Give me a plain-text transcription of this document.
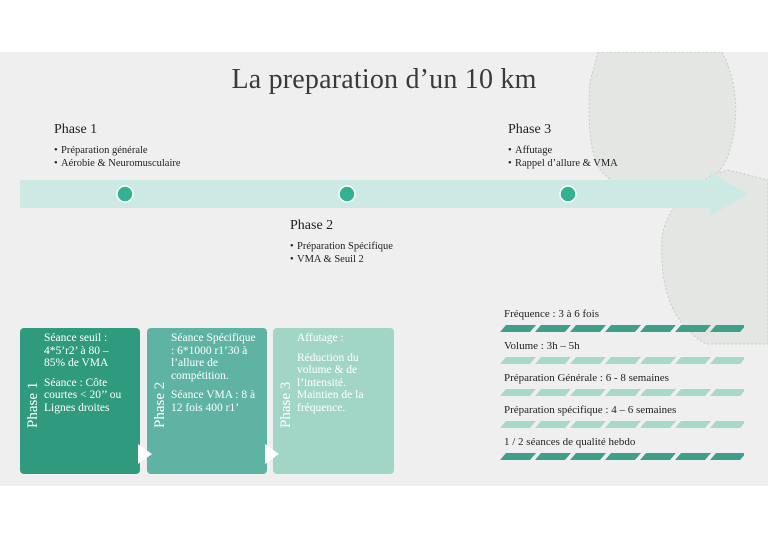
La preparation d’un 10 km
Phase 1
• Préparation générale
• Aérobie & Neuromusculaire
Phase 2
• Préparation Spécifique
• VMA & Seuil 2
Phase 3
• Affutage
• Rappel d’allure & VMA
Phase 1

Séance seuil : 4*5’r2’ à 80 – 85% de VMA

Séance : Côte courtes < 20’’ ou Lignes droites	Phase 2

Séance Spécifique : 6*1000 r1’30 à l’allure de compétition.

Séance VMA : 8 à 12 fois 400 r1’	Phase 3

Affutage :

Réduction du volume & de l’intensité. Maintien de la fréquence.

Fréquence : 3 à 6 fois
Volume : 3h – 5h
Préparation Générale : 6 - 8 semaines
Préparation spécifique : 4 – 6 semaines
1 / 2 séances de qualité hebdo
